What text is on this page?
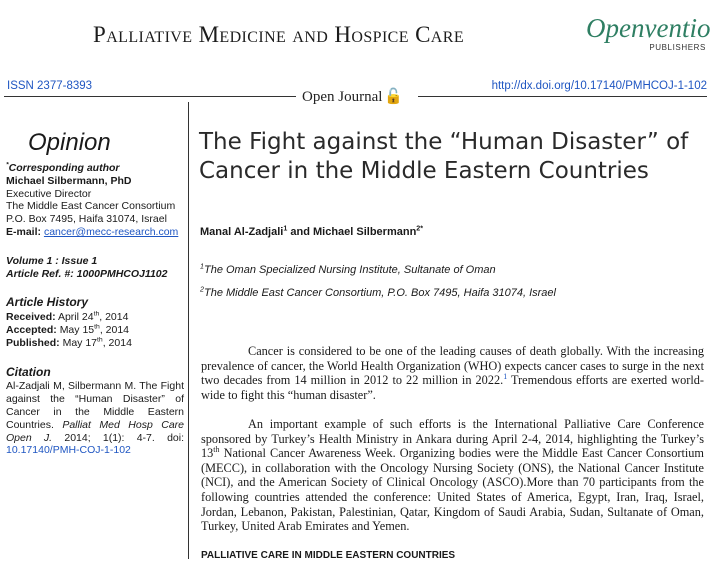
Palliative Medicine and Hospice Care	Openventio
PUBLISHERS
ISSN 2377-8393	http://dx.doi.org/10.17140/PMHCOJ-1-102
Open Journal 🔓
Opinion
*Corresponding author
Michael Silbermann, PhD
Executive Director
The Middle East Cancer Consortium
P.O. Box 7495, Haifa 31074, Israel
E-mail: cancer@mecc-research.com
Volume 1 : Issue 1
Article Ref. #: 1000PMHCOJ1102
Article History
Received: April 24th, 2014
Accepted: May 15th, 2014
Published: May 17th, 2014
Citation
Al-Zadjali M, Silbermann M. The Fight against the “Human Disaster” of Cancer in the Middle Eastern Countries. Palliat Med Hosp Care Open J. 2014; 1(1): 4-7. doi: 10.17140/PMH-COJ-1-102
The Fight against the “Human Disaster” of Cancer in the Middle Eastern Countries
Manal Al-Zadjali$^1$ and Michael Silbermann$^{2*}$
$^1$The Oman Specialized Nursing Institute, Sultanate of Oman
$^2$The Middle East Cancer Consortium, P.O. Box 7495, Haifa 31074, Israel

Cancer is considered to be one of the leading causes of death globally. With the increasing prevalence of cancer, the World Health Organization (WHO) expects cancer cases to surge in the next two decades from 14 million in 2012 to 22 million in 2022.$^1$ Tremendous efforts are exerted world-wide to fight this “human disaster”.

An important example of such efforts is the International Palliative Care Conference sponsored by Turkey’s Health Ministry in Ankara during April 2-4, 2014, highlighting the Turkey’s 13th National Cancer Awareness Week. Organizing bodies were the Middle East Cancer Consortium (MECC), in collaboration with the Oncology Nursing Society (ONS), the National Cancer Institute (NCI), and the American Society of Clinical Oncology (ASCO).More than 70 participants from the following countries attended the conference: United States of America, Egypt, Iran, Iraq, Israel, Jordan, Lebanon, Pakistan, Palestinian, Qatar, Kingdom of Saudi Arabia, Sudan, Sultanate of Oman, Turkey, United Arab Emirates and Yemen.

PALLIATIVE CARE IN MIDDLE EASTERN COUNTRIES
